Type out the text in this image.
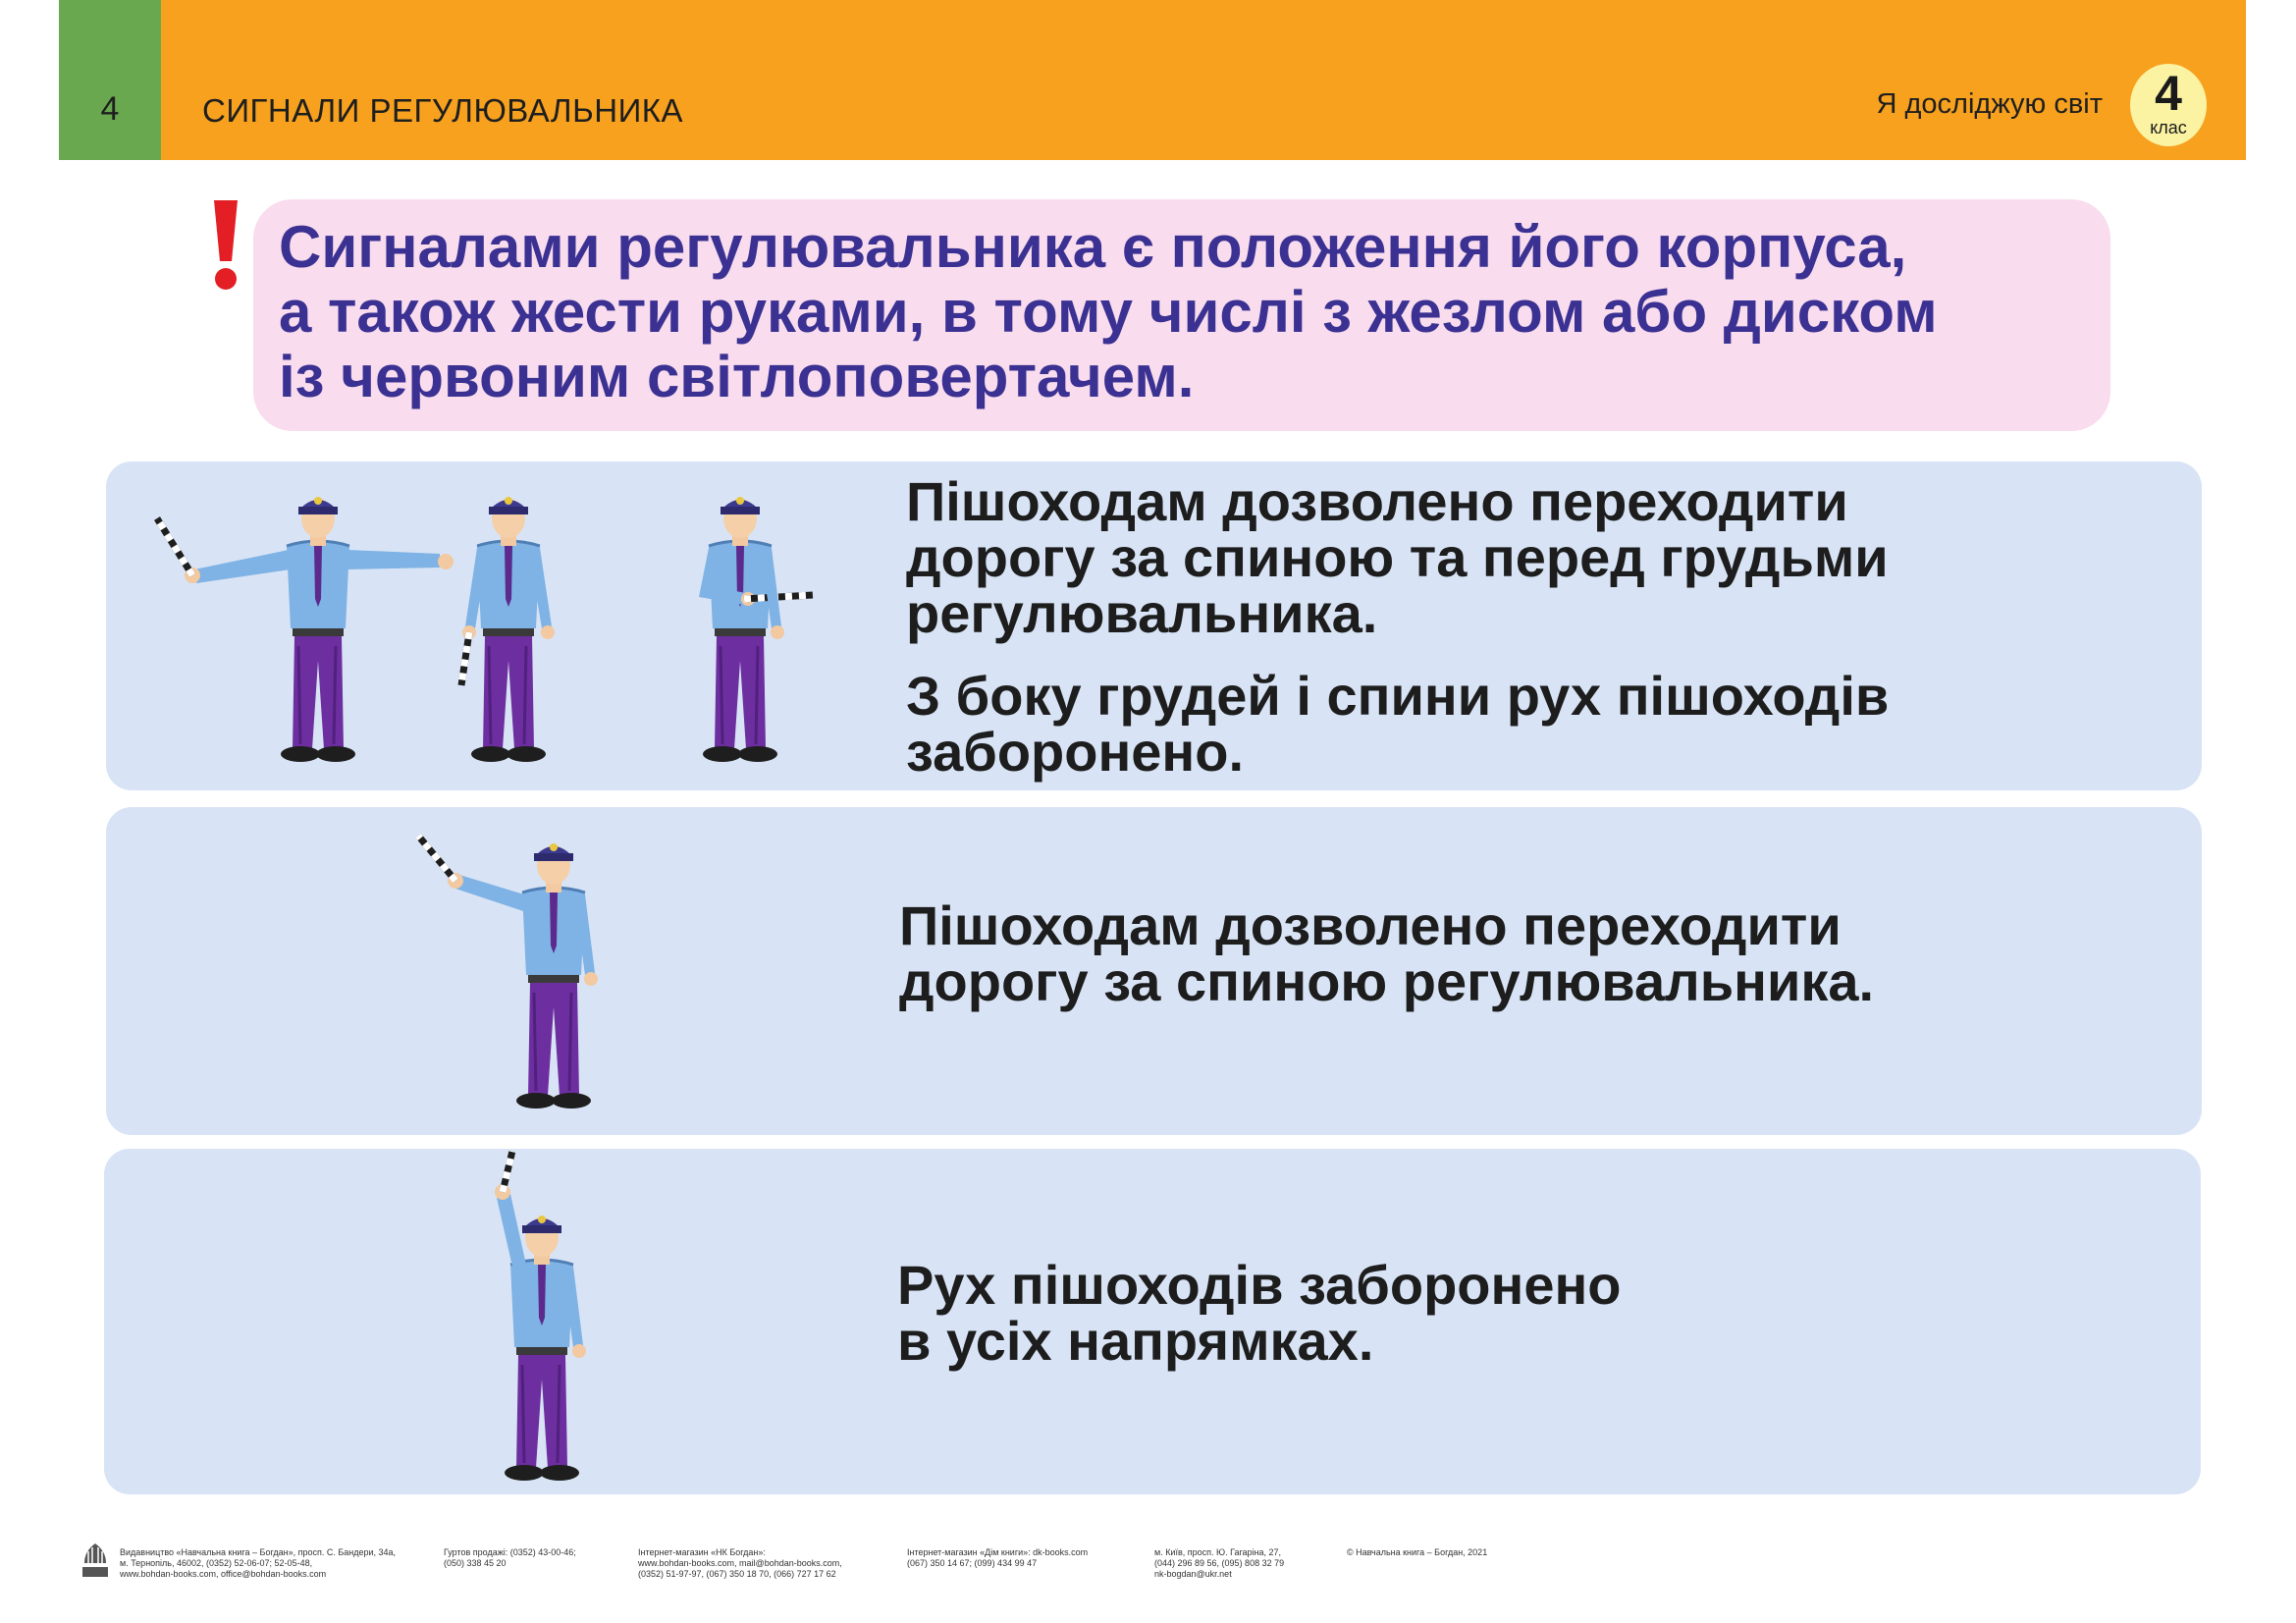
4	СИГНАЛИ РЕГУЛЮВАЛЬНИКА	Я досліджую світ	4
клас
Сигналами регулювальника є положення його корпуса,
а також жести руками, в тому числі з жезлом або диском
із червоним світлоповертачем.
Пішоходам дозволено переходити
дорогу за спиною та перед грудьми
регулювальника.
З боку грудей і спини рух пішоходів
заборонено.
Пішоходам дозволено переходити
дорогу за спиною регулювальника.
Рух пішоходів заборонено
в усіх напрямках.
Видавництво «Навчальна книга – Богдан», просп. С. Бандери, 34а,
м. Тернопіль, 46002, (0352) 52-06-07; 52-05-48,
www.bohdan-books.com, office@bohdan-books.com
Гуртов продажі: (0352) 43-00-46;
(050) 338 45 20
Інтернет-магазин «НК Богдан»:
www.bohdan-books.com, mail@bohdan-books.com,
(0352) 51-97-97, (067) 350 18 70, (066) 727 17 62
Інтернет-магазин «Дім книги»: dk-books.com
(067) 350 14 67; (099) 434 99 47
м. Київ, просп. Ю. Гагаріна, 27,
(044) 296 89 56, (095) 808 32 79
nk-bogdan@ukr.net
© Навчальна книга – Богдан, 2021
